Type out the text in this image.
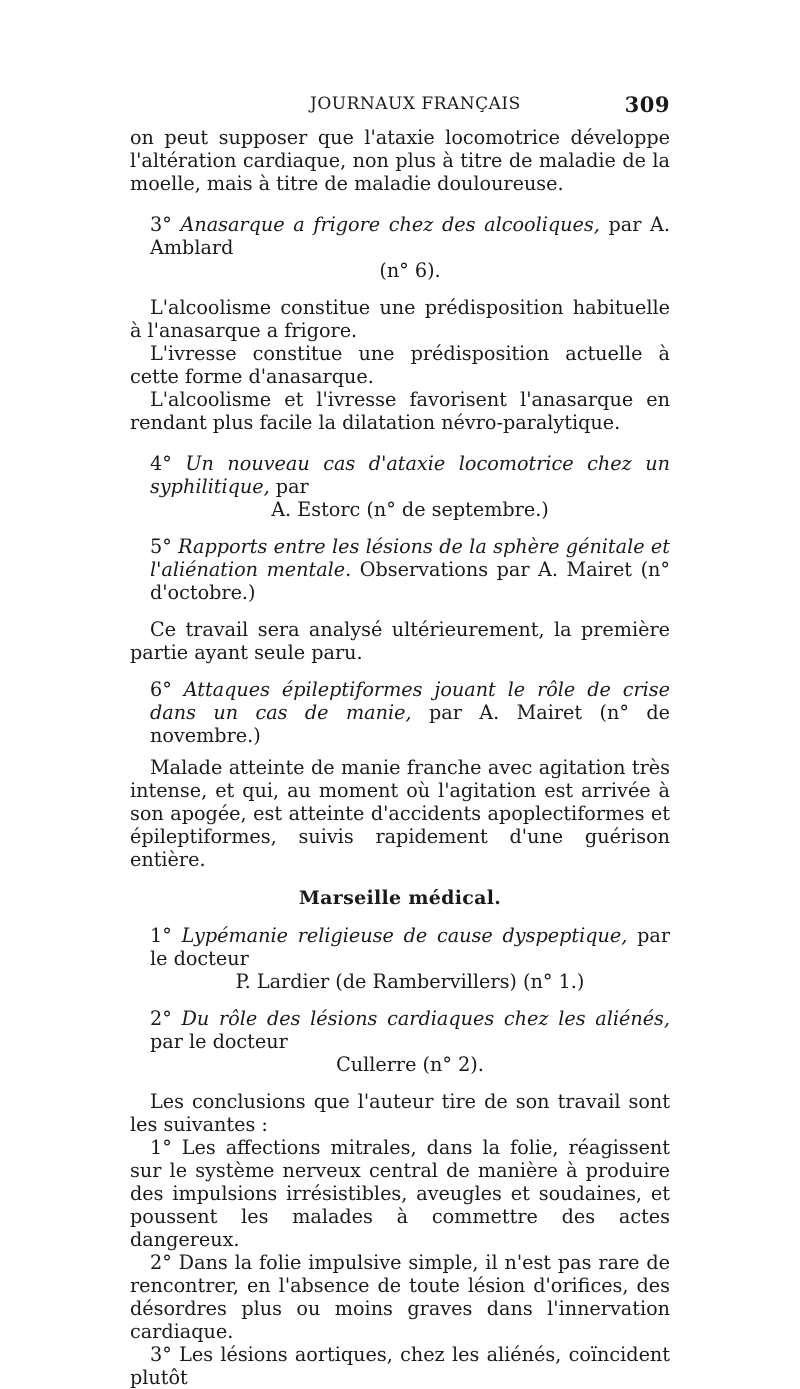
JOURNAUX FRANÇAIS	309

on peut supposer que l'ataxie locomotrice développe l'altération cardiaque, non plus à titre de maladie de la moelle, mais à titre de maladie douloureuse.

3° Anasarque a frigore chez des alcooliques, par A. Amblard
(n° 6).

L'alcoolisme constitue une prédisposition habituelle à l'anasarque a frigore.

L'ivresse constitue une prédisposition actuelle à cette forme d'anasarque.

L'alcoolisme et l'ivresse favorisent l'anasarque en rendant plus facile la dilatation névro-paralytique.

4° Un nouveau cas d'ataxie locomotrice chez un syphilitique, par
A. Estorc (n° de septembre.)

5° Rapports entre les lésions de la sphère génitale et l'aliénation mentale. Observations par A. Mairet (n° d'octobre.)

Ce travail sera analysé ultérieurement, la première partie ayant seule paru.

6° Attaques épileptiformes jouant le rôle de crise dans un cas de manie, par A. Mairet (n° de novembre.)

Malade atteinte de manie franche avec agitation très intense, et qui, au moment où l'agitation est arrivée à son apogée, est atteinte d'accidents apoplectiformes et épileptiformes, suivis rapidement d'une guérison entière.

Marseille médical.

1° Lypémanie religieuse de cause dyspeptique, par le docteur
P. Lardier (de Rambervillers) (n° 1.)

2° Du rôle des lésions cardiaques chez les aliénés, par le docteur
Cullerre (n° 2).

Les conclusions que l'auteur tire de son travail sont les suivantes :

1° Les affections mitrales, dans la folie, réagissent sur le système nerveux central de manière à produire des impulsions irrésistibles, aveugles et soudaines, et poussent les malades à commettre des actes dangereux.

2° Dans la folie impulsive simple, il n'est pas rare de rencontrer, en l'absence de toute lésion d'orifices, des désordres plus ou moins graves dans l'innervation cardiaque.

3° Les lésions aortiques, chez les aliénés, coïncident plutôt
